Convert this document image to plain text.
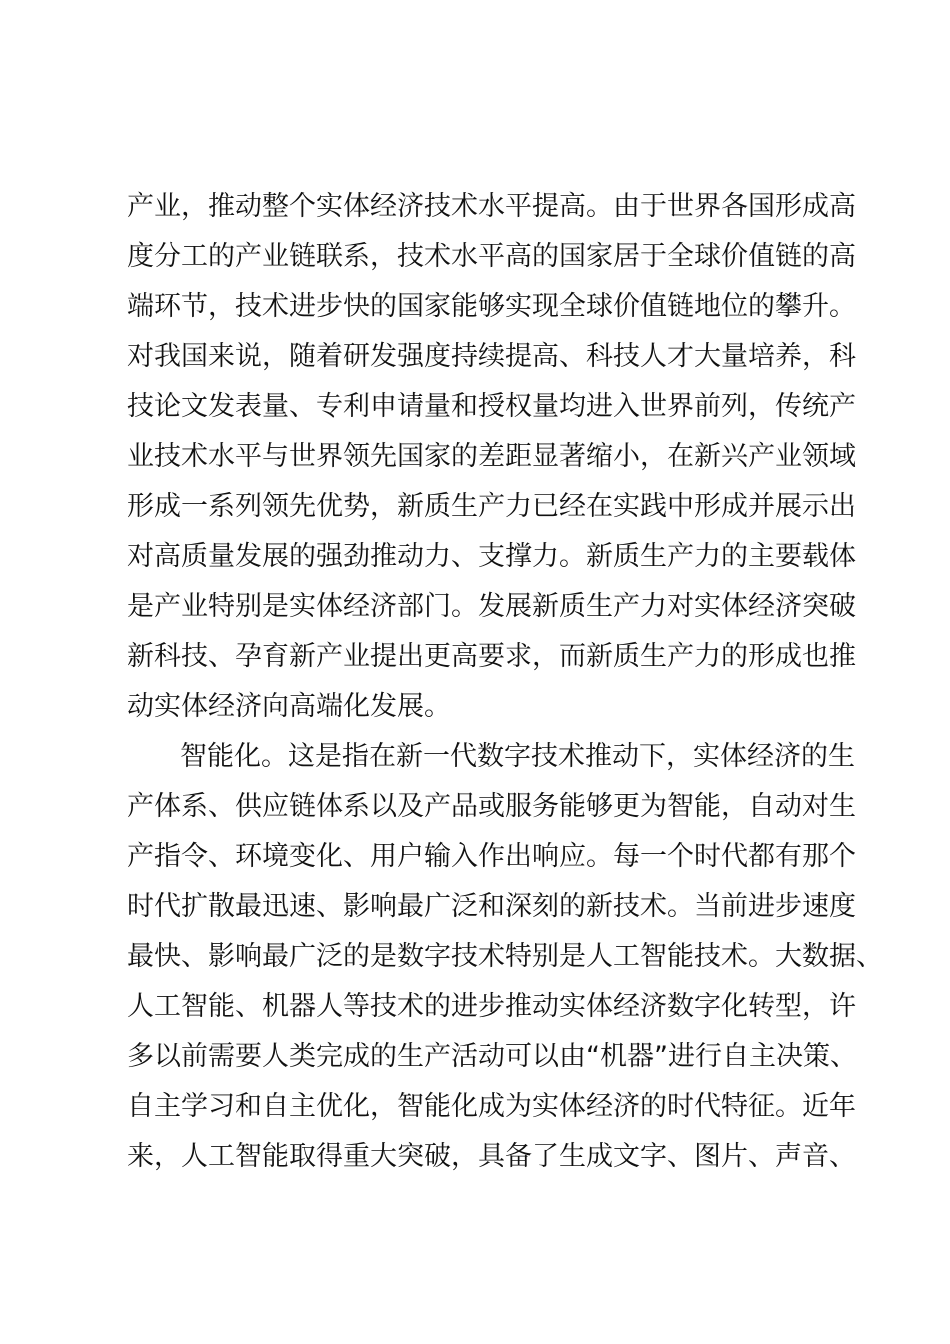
产业，推动整个实体经济技术水平提高。由于世界各国形成高
度分工的产业链联系，技术水平高的国家居于全球价值链的高
端环节，技术进步快的国家能够实现全球价值链地位的攀升。
对我国来说，随着研发强度持续提高、科技人才大量培养，科
技论文发表量、专利申请量和授权量均进入世界前列，传统产
业技术水平与世界领先国家的差距显著缩小，在新兴产业领域
形成一系列领先优势，新质生产力已经在实践中形成并展示出
对高质量发展的强劲推动力、支撑力。新质生产力的主要载体
是产业特别是实体经济部门。发展新质生产力对实体经济突破
新科技、孕育新产业提出更高要求，而新质生产力的形成也推
动实体经济向高端化发展。
智能化。这是指在新一代数字技术推动下，实体经济的生
产体系、供应链体系以及产品或服务能够更为智能，自动对生
产指令、环境变化、用户输入作出响应。每一个时代都有那个
时代扩散最迅速、影响最广泛和深刻的新技术。当前进步速度
最快、影响最广泛的是数字技术特别是人工智能技术。大数据、
人工智能、机器人等技术的进步推动实体经济数字化转型，许
多以前需要人类完成的生产活动可以由“机器”进行自主决策、
自主学习和自主优化，智能化成为实体经济的时代特征。近年
来，人工智能取得重大突破，具备了生成文字、图片、声音、
